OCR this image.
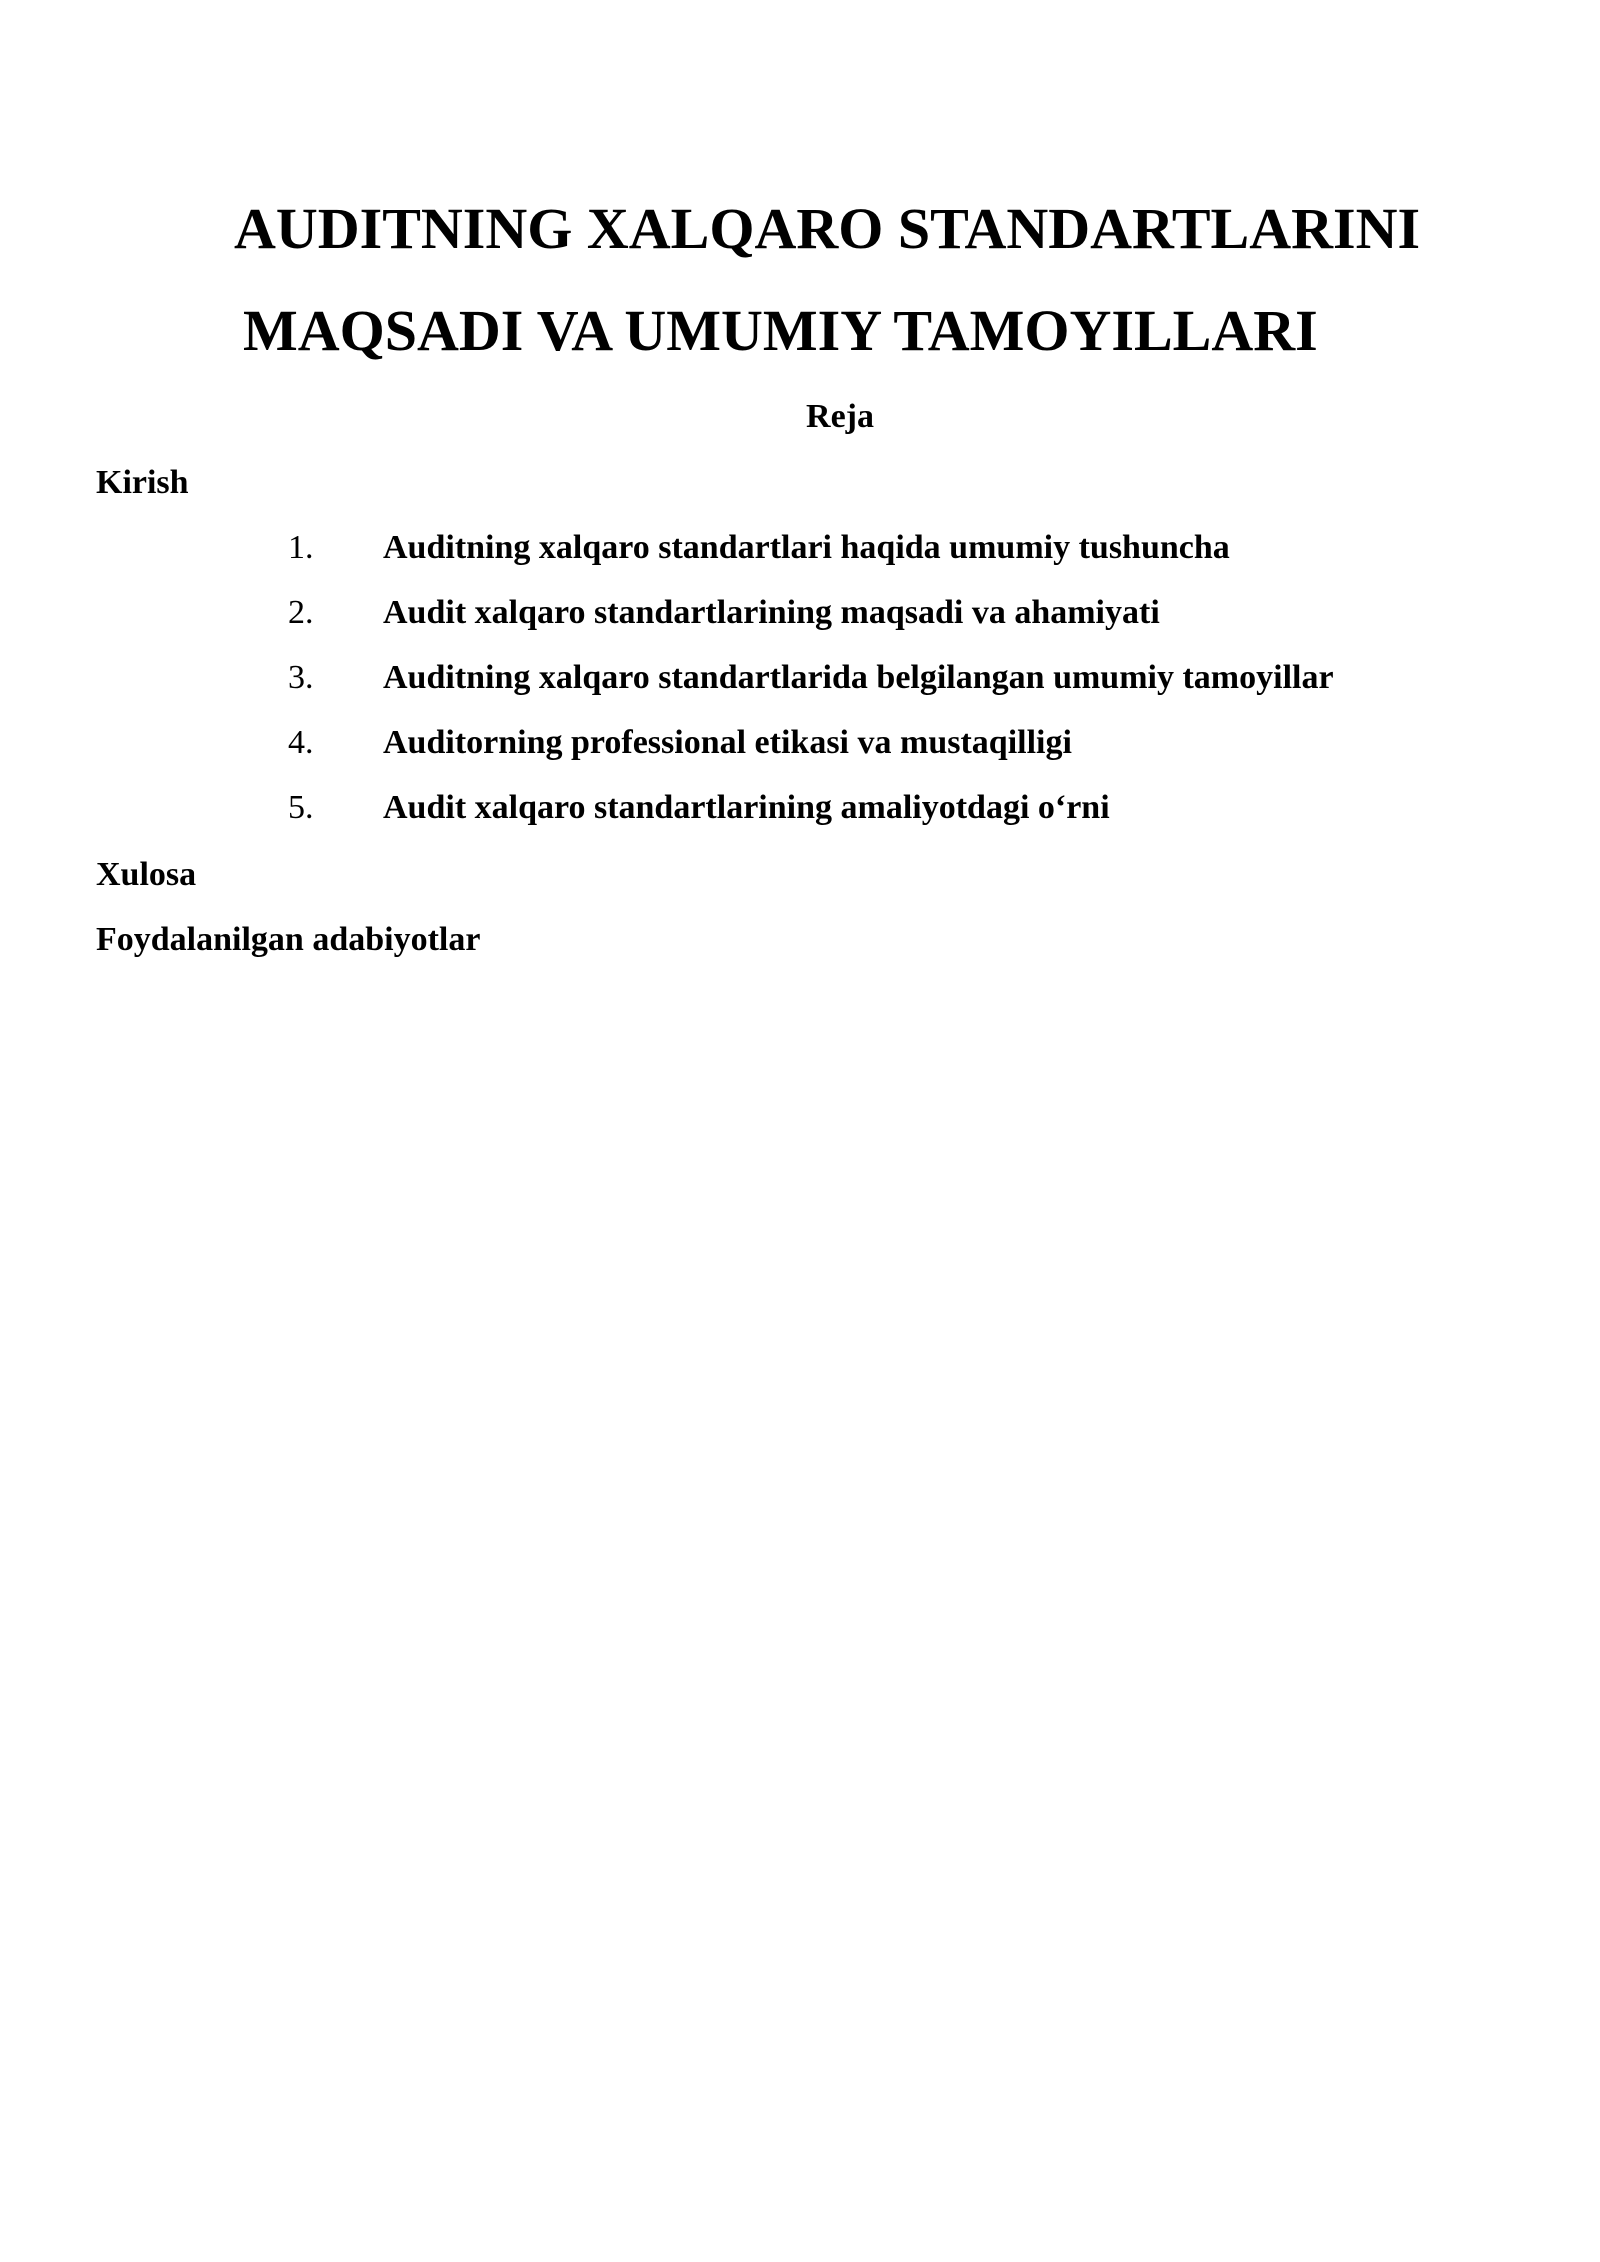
AUDITNING XALQARO STANDARTLARINI
MAQSADI VA UMUMIY TAMOYILLARI
Reja
Kirish
1. Auditning xalqaro standartlari haqida umumiy tushuncha
2. Audit xalqaro standartlarining maqsadi va ahamiyati
3. Auditning xalqaro standartlarida belgilangan umumiy tamoyillar
4. Auditorning professional etikasi va mustaqilligi
5. Audit xalqaro standartlarining amaliyotdagi o‘rni
Xulosa
Foydalanilgan adabiyotlar
